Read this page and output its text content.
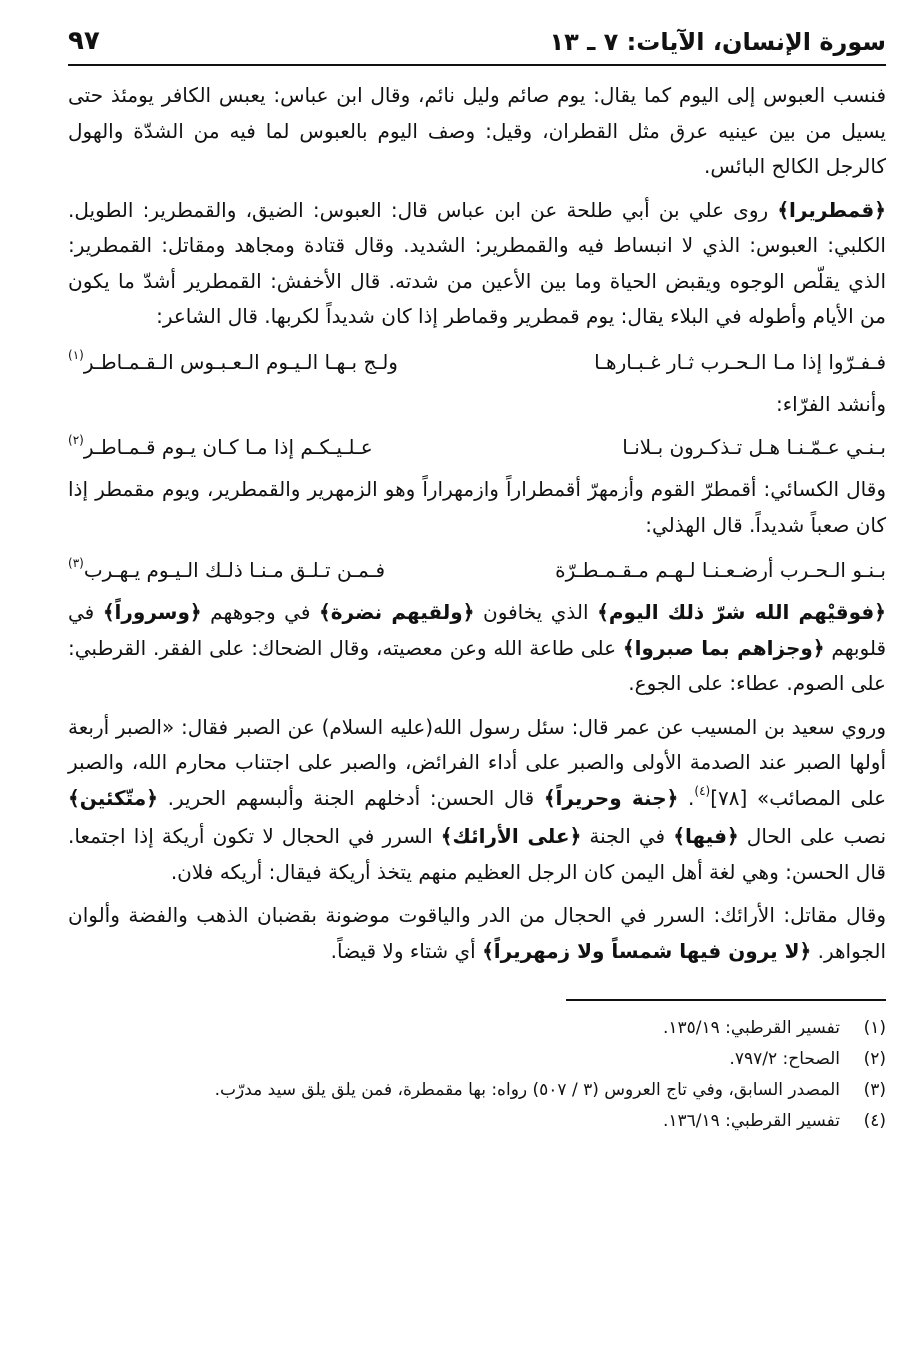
سورة الإنسان، الآيات: ٧ ـ ١٣
٩٧

فنسب العبوس إلى اليوم كما يقال: يوم صائم وليل نائم، وقال ابن عباس: يعبس الكافر يومئذ حتى يسيل من بين عينيه عرق مثل القطران، وقيل: وصف اليوم بالعبوس لما فيه من الشدّة والهول كالرجل الكالح البائس.

﴿قمطريرا﴾ روى علي بن أبي طلحة عن ابن عباس قال: العبوس: الضيق، والقمطرير: الطويل. الكلبي: العبوس: الذي لا انبساط فيه والقمطرير: الشديد. وقال قتادة ومجاهد ومقاتل: القمطرير: الذي يقلّص الوجوه ويقبض الحياة وما بين الأعين من شدته. قال الأخفش: القمطرير أشدّ ما يكون من الأيام وأطوله في البلاء يقال: يوم قمطرير وقماطر إذا كان شديداً لكربها. قال الشاعر:

فـفـرّوا إذا مـا الـحـرب ثـار غـبـارهـا
ولـج بـهـا الـيـوم الـعـبـوس الـقـمـاطـر$^{(١)}$

وأنشد الفرّاء:

بـنـي عـمّـنـا هـل تـذكـرون بـلانـا
عـلـيـكـم إذا مـا كـان يـوم قـمـاطـر$^{(٢)}$

وقال الكسائي: أقمطرّ القوم وأزمهرّ أقمطراراً وازمهراراً وهو الزمهرير والقمطرير، ويوم مقمطر إذا كان صعباً شديداً. قال الهذلي:

بـنـو الـحـرب أرضـعـنـا لـهـم مـقـمـطـرّة
فـمـن تـلـق مـنـا ذلـك الـيـوم يـهـرب$^{(٣)}$

﴿فوقيْهم الله شرّ ذلك اليوم﴾ الذي يخافون ﴿ولقيهم نضرة﴾ في وجوههم ﴿وسروراً﴾ في قلوبهم ﴿وجزاهم بما صبروا﴾ على طاعة الله وعن معصيته، وقال الضحاك: على الفقر. القرطبي: على الصوم. عطاء: على الجوع.

وروي سعيد بن المسيب عن عمر قال: سئل رسول الله(عليه السلام) عن الصبر فقال: «الصبر أربعة أولها الصبر عند الصدمة الأولى والصبر على أداء الفرائض، والصبر على اجتناب محارم الله، والصبر على المصائب» [٧٨]$^{(٤)}$. ﴿جنة وحريراً﴾ قال الحسن: أدخلهم الجنة وألبسهم الحرير. ﴿متّكئين﴾ نصب على الحال ﴿فيها﴾ في الجنة ﴿على الأرائك﴾ السرر في الحجال لا تكون أريكة إذا اجتمعا. قال الحسن: وهي لغة أهل اليمن كان الرجل العظيم منهم يتخذ أريكة فيقال: أريكه فلان.

وقال مقاتل: الأرائك: السرر في الحجال من الدر والياقوت موضونة بقضبان الذهب والفضة وألوان الجواهر. ﴿لا يرون فيها شمساً ولا زمهريراً﴾ أي شتاء ولا قيضاً.

(١)تفسير القرطبي: ١٣٥/١٩.
(٢)الصحاح: ٧٩٧/٢.
(٣)المصدر السابق، وفي تاج العروس (٣ / ٥٠٧) رواه: بها مقمطرة، فمن يلق يلق سيد مدرّب.
(٤)تفسير القرطبي: ١٣٦/١٩.
